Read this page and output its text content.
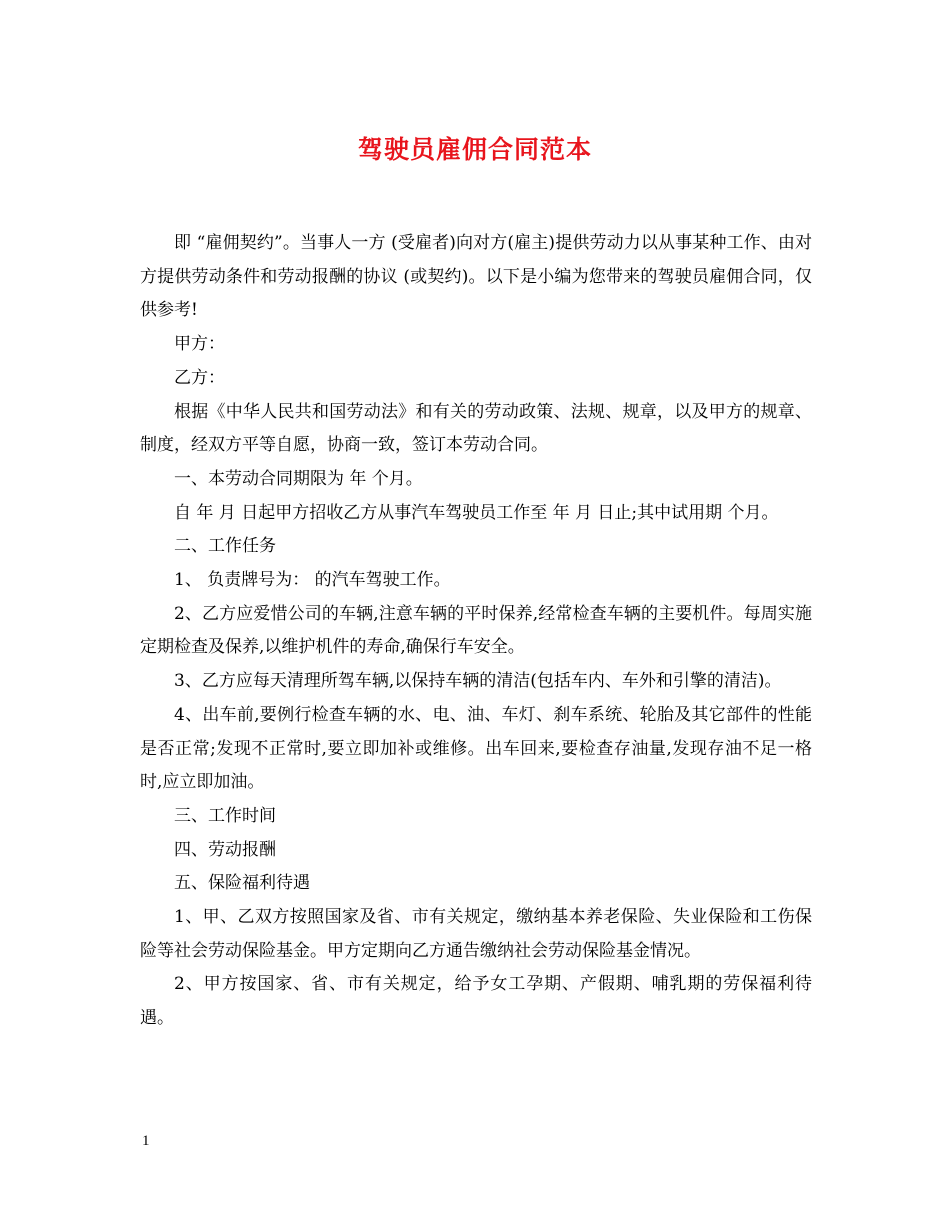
驾驶员雇佣合同范本

即 “雇佣契约”。当事人一方 (受雇者)向对方(雇主)提供劳动力以从事某种工作、由对方提供劳动条件和劳动报酬的协议 (或契约)。以下是小编为您带来的驾驶员雇佣合同，仅供参考!

甲方：

乙方：

根据《中华人民共和国劳动法》和有关的劳动政策、法规、规章，以及甲方的规章、制度，经双方平等自愿，协商一致，签订本劳动合同。

一、本劳动合同期限为 年 个月。

自 年 月 日起甲方招收乙方从事汽车驾驶员工作至 年 月 日止;其中试用期 个月。

二、工作任务

1、 负责牌号为： 的汽车驾驶工作。

2、乙方应爱惜公司的车辆,注意车辆的平时保养,经常检查车辆的主要机件。每周实施定期检查及保养,以维护机件的寿命,确保行车安全。

3、乙方应每天清理所驾车辆,以保持车辆的清洁(包括车内、车外和引擎的清洁)。

4、出车前,要例行检查车辆的水、电、油、车灯、刹车系统、轮胎及其它部件的性能是否正常;发现不正常时,要立即加补或维修。出车回来,要检查存油量,发现存油不足一格时,应立即加油。

三、工作时间

四、劳动报酬

五、保险福利待遇

1、甲、乙双方按照国家及省、市有关规定，缴纳基本养老保险、失业保险和工伤保险等社会劳动保险基金。甲方定期向乙方通告缴纳社会劳动保险基金情况。

2、甲方按国家、省、市有关规定，给予女工孕期、产假期、哺乳期的劳保福利待遇。

1
